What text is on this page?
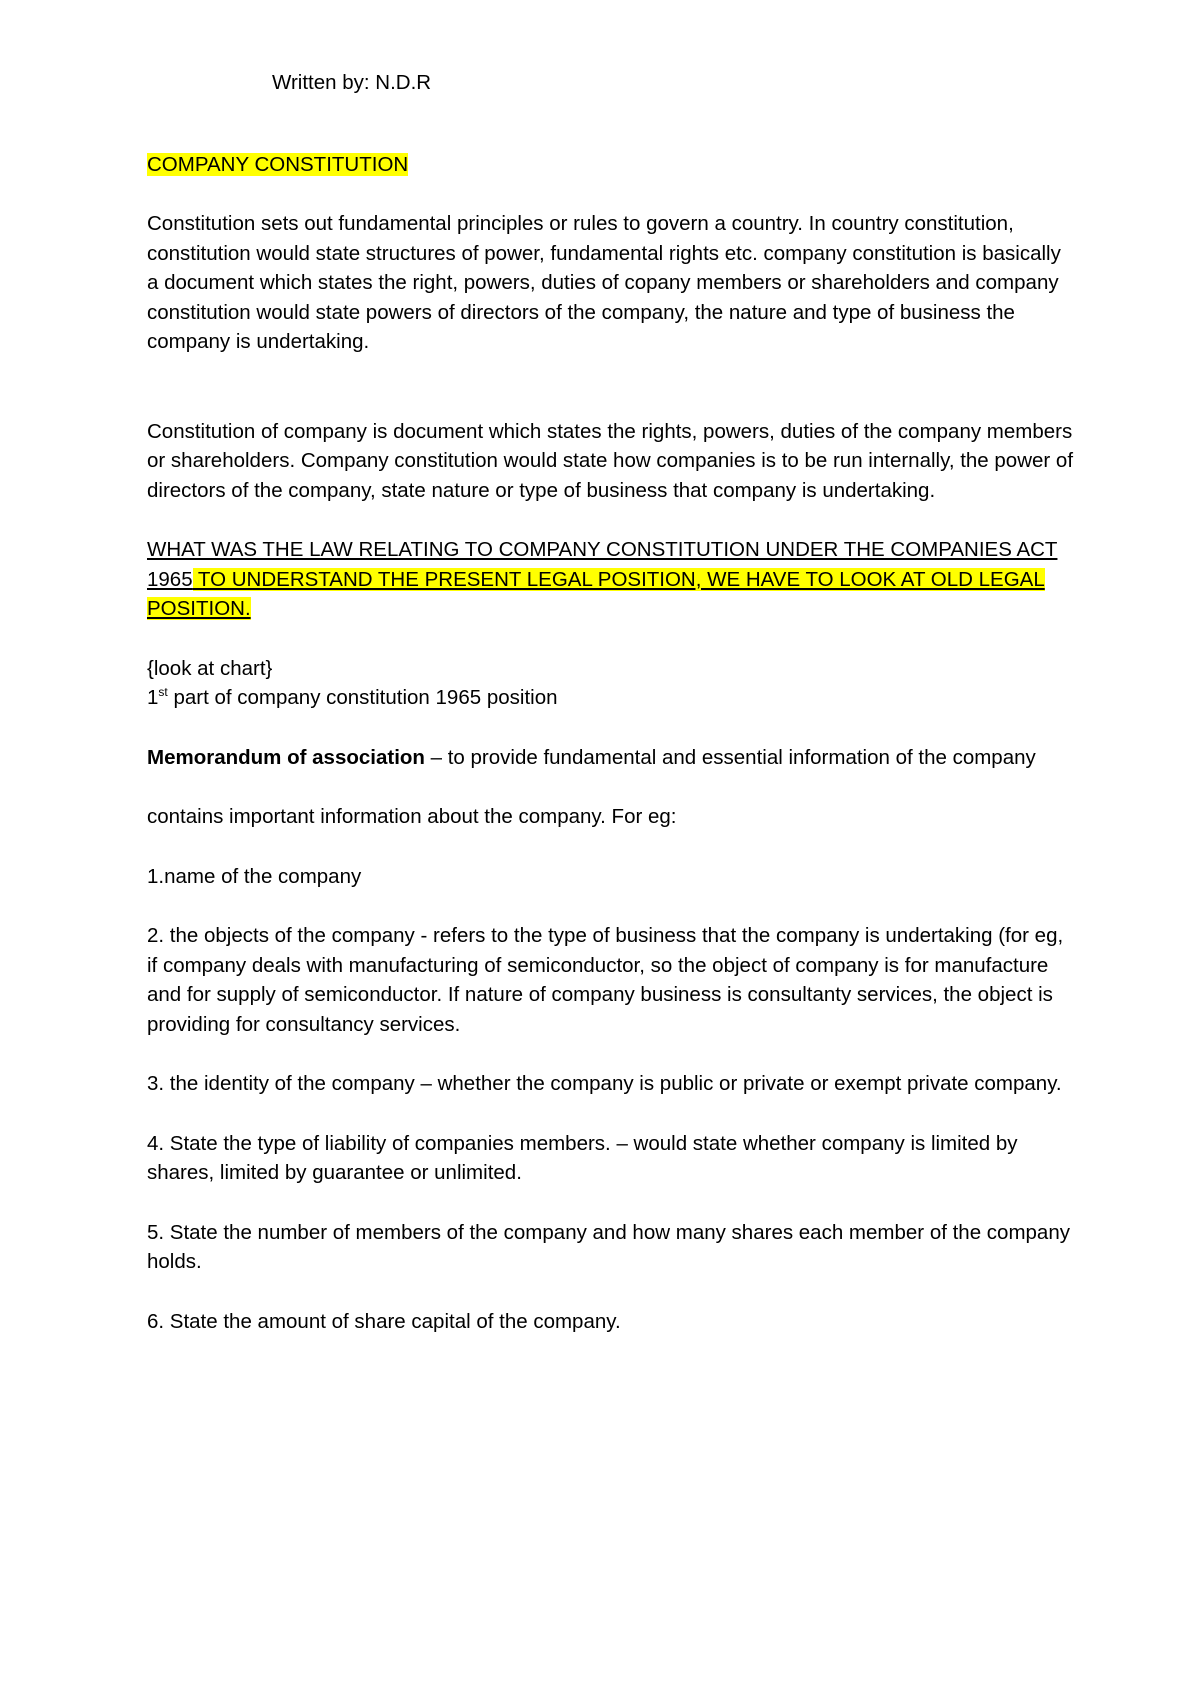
Written by: N.D.R

COMPANY CONSTITUTION

Constitution sets out fundamental principles or rules to govern a country. In country constitution, constitution would state structures of power, fundamental rights etc. company constitution is basically a document which states the right, powers, duties of copany members or shareholders and company constitution would state powers of directors of the company, the nature and type of business the company is undertaking.

Constitution of company is document which states the rights, powers, duties of the company members or shareholders. Company constitution would state how companies is to be run internally, the power of directors of the company, state nature or type of business that company is undertaking.

WHAT WAS THE LAW RELATING TO COMPANY CONSTITUTION UNDER THE COMPANIES ACT 1965 TO UNDERSTAND THE PRESENT LEGAL POSITION, WE HAVE TO LOOK AT OLD LEGAL POSITION.

{look at chart}

1st part of company constitution 1965 position

Memorandum of association – to provide fundamental and essential information of the company

contains important information about the company. For eg:

1.name of the company

2. the objects of the company - refers to the type of business that the company is undertaking (for eg, if company deals with manufacturing of semiconductor, so the object of company is for manufacture and for supply of semiconductor. If nature of company business is consultanty services, the object is providing for consultancy services.

3. the identity of the company – whether the company is public or private or exempt private company.

4. State the type of liability of companies members. – would state whether company is limited by shares, limited by guarantee or unlimited.

5. State the number of members of the company and how many shares each member of the company holds.

6. State the amount of share capital of the company.
